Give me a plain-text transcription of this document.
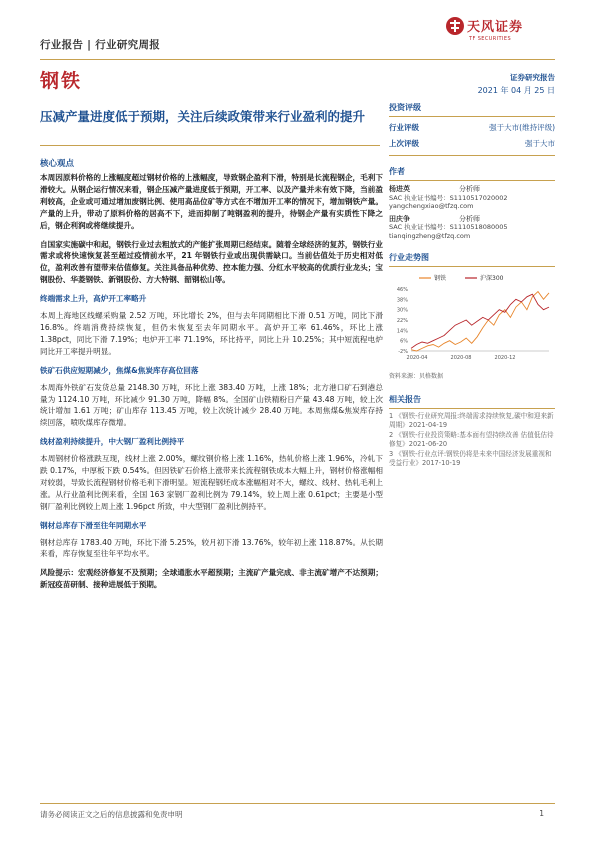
行业报告 | 行业研究周报
天风证券
TF SECURITIES
钢铁
压减产量进度低于预期，关注后续政策带来行业盈利的提升
证券研究报告
2021 年 04 月 25 日
投资评级
行业评级	强于大市(维持评级)
上次评级	强于大市
作者
杨进英	分析师
SAC 执业证书编号：S1110517020002
yangchengxiao@tfzq.com
田庆争	分析师
SAC 执业证书编号：S1110518080005
tianqingzheng@tfzq.com
行业走势图
46%
38%
30%
22%
14%
6%
-2%
2020-04	2020-08	2020-12
钢铁	沪深300
资料来源：贝格数据
相关报告
1 《钢铁-行业研究周报:终端需求持续恢复,碳中和迎来新周期》2021-04-19
2 《钢铁-行业投资策略:基本面有望持续改善 估值低估待修复》2021-06-20
3 《钢铁-行业点评:钢铁仍将是未来中国经济发展重视和受益行业》2017-10-19
核心观点

本周因原料价格的上涨幅度超过钢材价格的上涨幅度，导致钢企盈利下滑，特别是长流程钢企，毛利下滑较大。从钢企运行情况来看，钢企压减产量进度低于预期，开工率、以及产量并未有效下降，当前盈利较高，企业或可通过增加废钢比例、使用高品位矿等方式在不增加开工率的情况下，增加钢铁产量。产量的上升，带动了原料价格的居高不下，进而抑制了吨钢盈利的提升，待钢企产量有实质性下降之后，钢企利润或将继续提升。

自国家实施碳中和起，钢铁行业过去粗放式的产能扩张周期已经结束。随着全球经济的复苏，钢铁行业需求或将快速恢复甚至超过疫情前水平，21 年钢铁行业或出现供需缺口。当前估值处于历史相对低位，盈利改善有望带来估值修复。关注具备品种优势、控本能力强、分红水平较高的优质行业龙头；宝钢股份、华菱钢铁、新钢股份、方大特钢、韶钢松山等。

终端需求上升，高炉开工率略升

本周上海地区线螺采购量 2.52 万吨，环比增长 2%，但与去年同期相比下滑 0.51 万吨，同比下滑 16.8%。终端消费持续恢复，但仍未恢复至去年同期水平。高炉开工率 61.46%，环比上涨 1.38pct，同比下滑 7.19%；电炉开工率 71.19%，环比持平，同比上升 10.25%；其中短流程电炉同比开工率提升明显。

铁矿石供应短期减少，焦煤&焦炭库存高位回落

本周海外铁矿石发货总量 2148.30 万吨，环比上涨 383.40 万吨，上涨 18%；北方港口矿石到港总量为 1124.10 万吨，环比减少 91.30 万吨，降幅 8%。全国矿山铁精粉日产量 43.48 万吨，较上次统计增加 1.61 万吨；矿山库存 113.45 万吨，较上次统计减少 28.40 万吨。本周焦煤&焦炭库存持续回落，喷吹煤库存微增。

线材盈利持续提升，中大钢厂盈利比例持平

本周钢材价格涨跌互现，线材上涨 2.00%，螺纹钢价格上涨 1.16%，热轧价格上涨 1.96%，冷轧下跌 0.17%，中厚板下跌 0.54%。但因铁矿石价格上涨带来长流程钢铁成本大幅上升，钢材价格涨幅相对较弱，导致长流程钢材价格毛利下滑明显。短流程钢坯成本涨幅相对不大，螺纹、线材、热轧毛利上涨。从行业盈利比例来看，全国 163 家钢厂盈利比例为 79.14%，较上周上涨 0.61pct；主要是小型钢厂盈利比例较上周上涨 1.96pct 所致，中大型钢厂盈利比例持平。

钢材总库存下滑至往年同期水平

钢材总库存 1783.40 万吨，环比下滑 5.25%，较月初下滑 13.76%，较年初上涨 118.87%。从长期来看，库存恢复至往年平均水平。

风险提示：宏观经济修复不及预期；全球通胀水平超预期；主流矿产量完成、非主流矿增产不达预期；新冠疫苗研制、接种进展低于预期。

请务必阅读正文之后的信息披露和免责申明	1
